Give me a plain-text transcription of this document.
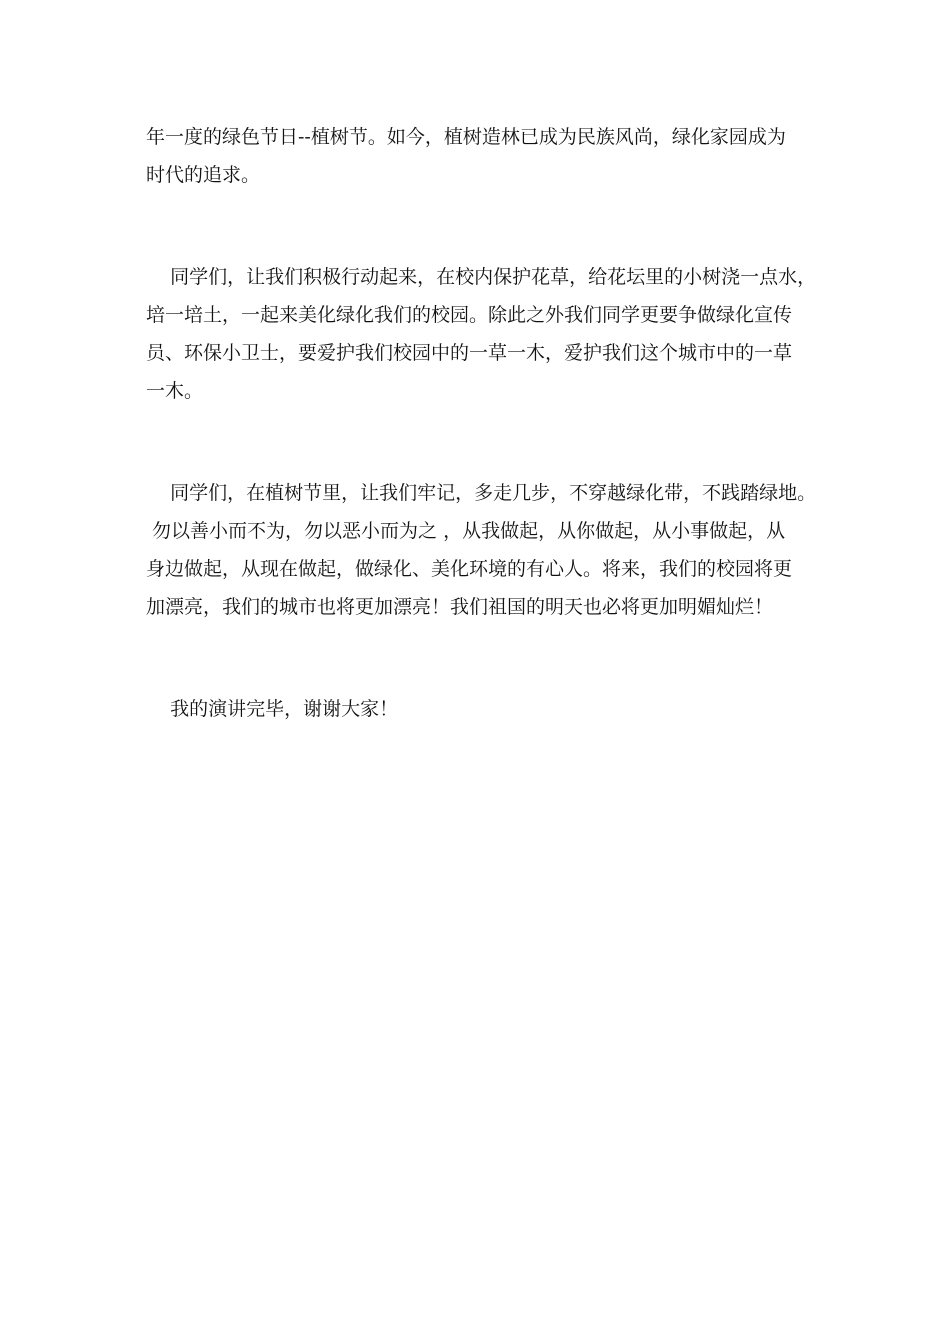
年一度的绿色节日--植树节。如今，植树造林已成为民族风尚，绿化家园成为
时代的追求。
同学们，让我们积极行动起来，在校内保护花草，给花坛里的小树浇一点水，
培一培土，一起来美化绿化我们的校园。除此之外我们同学更要争做绿化宣传
员、环保小卫士，要爱护我们校园中的一草一木，爱护我们这个城市中的一草
一木。
同学们，在植树节里，让我们牢记，多走几步，不穿越绿化带，不践踏绿地。
勿以善小而不为，勿以恶小而为之 ，从我做起，从你做起，从小事做起，从
身边做起，从现在做起，做绿化、美化环境的有心人。将来，我们的校园将更
加漂亮，我们的城市也将更加漂亮！我们祖国的明天也必将更加明媚灿烂！
我的演讲完毕，谢谢大家！
